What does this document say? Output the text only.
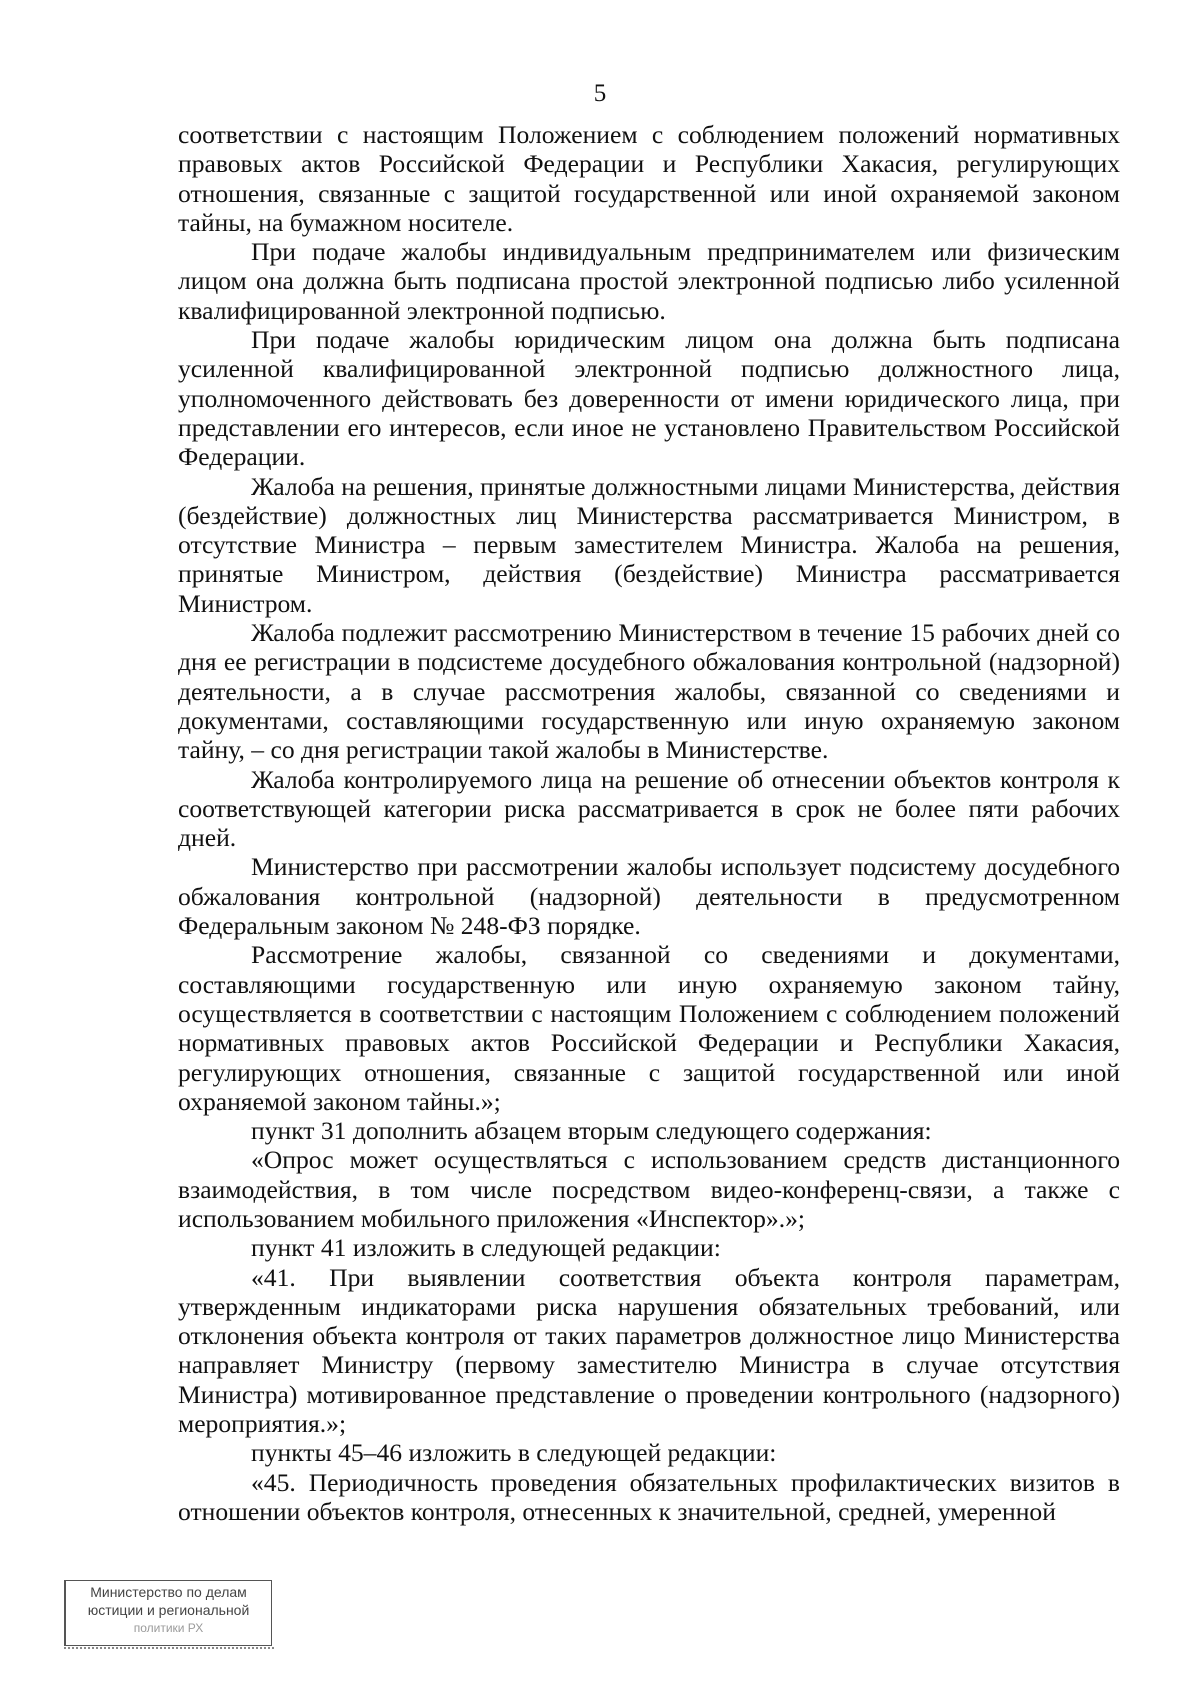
5

соответствии с настоящим Положением с соблюдением положений нормативных правовых актов Российской Федерации и Республики Хакасия, регулирующих отношения, связанные с защитой государственной или иной охраняемой законом тайны, на бумажном носителе.

При подаче жалобы индивидуальным предпринимателем или физическим лицом она должна быть подписана простой электронной подписью либо усиленной квалифицированной электронной подписью.

При подаче жалобы юридическим лицом она должна быть подписана усиленной квалифицированной электронной подписью должностного лица, уполномоченного действовать без доверенности от имени юридического лица, при представлении его интересов, если иное не установлено Правительством Российской Федерации.

Жалоба на решения, принятые должностными лицами Министерства, действия (бездействие) должностных лиц Министерства рассматривается Министром, в отсутствие Министра – первым заместителем Министра. Жалоба на решения, принятые Министром, действия (бездействие) Министра рассматривается Министром.

Жалоба подлежит рассмотрению Министерством в течение 15 рабочих дней со дня ее регистрации в подсистеме досудебного обжалования контрольной (надзорной) деятельности, а в случае рассмотрения жалобы, связанной со сведениями и документами, составляющими государственную или иную охраняемую законом тайну, – со дня регистрации такой жалобы в Министерстве.

Жалоба контролируемого лица на решение об отнесении объектов контроля к соответствующей категории риска рассматривается в срок не более пяти рабочих дней.

Министерство при рассмотрении жалобы использует подсистему досудебного обжалования контрольной (надзорной) деятельности в предусмотренном Федеральным законом № 248-ФЗ порядке.

Рассмотрение жалобы, связанной со сведениями и документами, составляющими государственную или иную охраняемую законом тайну, осуществляется в соответствии с настоящим Положением с соблюдением положений нормативных правовых актов Российской Федерации и Республики Хакасия, регулирующих отношения, связанные с защитой государственной или иной охраняемой законом тайны.»;

пункт 31 дополнить абзацем вторым следующего содержания:

«Опрос может осуществляться с использованием средств дистанционного взаимодействия, в том числе посредством видео-конференц-связи, а также с использованием мобильного приложения «Инспектор».»;

пункт 41 изложить в следующей редакции:

«41. При выявлении соответствия объекта контроля параметрам, утвержденным индикаторами риска нарушения обязательных требований, или отклонения объекта контроля от таких параметров должностное лицо Министерства направляет Министру (первому заместителю Министра в случае отсутствия Министра) мотивированное представление о проведении контрольного (надзорного) мероприятия.»;

пункты 45–46 изложить в следующей редакции:

«45. Периодичность проведения обязательных профилактических визитов в отношении объектов контроля, отнесенных к значительной, средней, умеренной

Министерство по делам
юстиции и региональной
политики РХ
